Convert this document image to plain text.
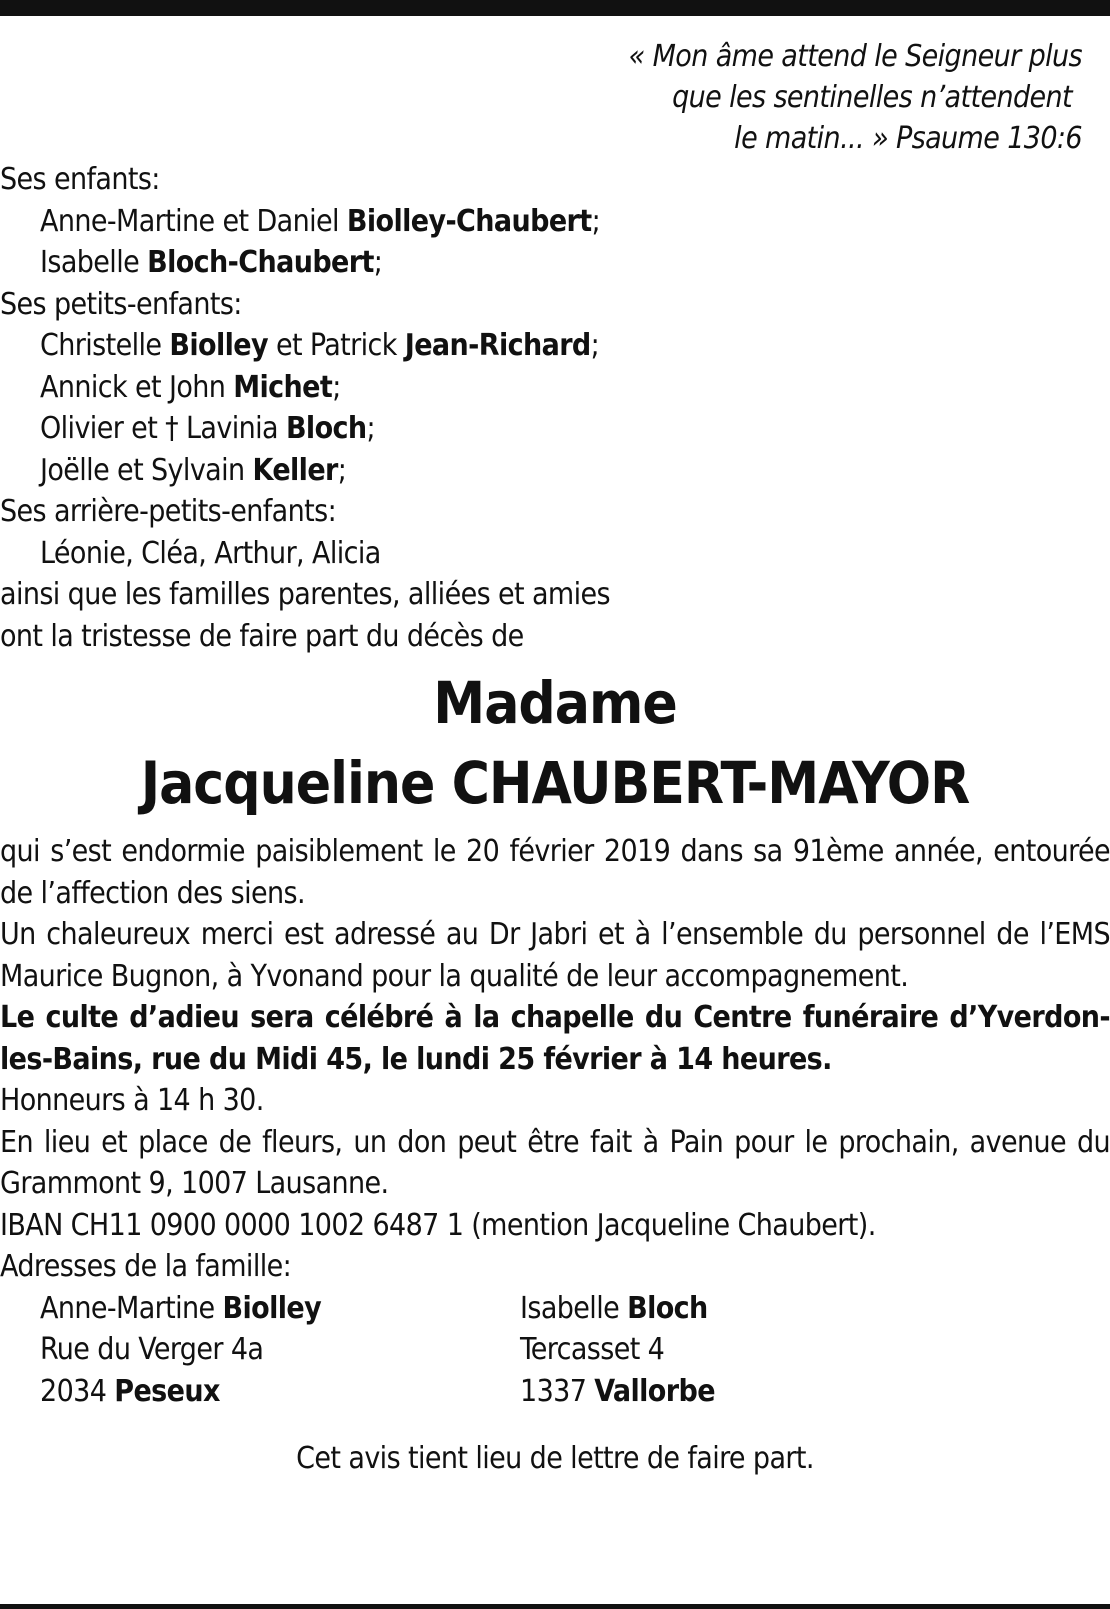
« Mon âme attend le Seigneur plus
que les sentinelles n’attendent
le matin... » Psaume 130:6
Ses enfants:
Anne-Martine et Daniel Biolley-Chaubert;
Isabelle Bloch-Chaubert;
Ses petits-enfants:
Christelle Biolley et Patrick Jean-Richard;
Annick et John Michet;
Olivier et † Lavinia Bloch;
Joëlle et Sylvain Keller;
Ses arrière-petits-enfants:
Léonie, Cléa, Arthur, Alicia
ainsi que les familles parentes, alliées et amies
ont la tristesse de faire part du décès de
Madame
Jacqueline CHAUBERT-MAYOR
qui s’est endormie paisiblement le 20 février 2019 dans sa 91ème année, entourée de l’affection des siens.
Un chaleureux merci est adressé au Dr Jabri et à l’ensemble du personnel de l’EMS Maurice Bugnon, à Yvonand pour la qualité de leur accompagnement.
Le culte d’adieu sera célébré à la chapelle du Centre funéraire d’Yverdon-les-Bains, rue du Midi 45, le lundi 25 février à 14 heures.
Honneurs à 14 h 30.
En lieu et place de fleurs, un don peut être fait à Pain pour le prochain, avenue du Grammont 9, 1007 Lausanne.
IBAN CH11 0900 0000 1002 6487 1 (mention Jacqueline Chaubert).
Adresses de la famille:
Anne-Martine Biolley
Rue du Verger 4a
2034 Peseux
Isabelle Bloch
Tercasset 4
1337 Vallorbe
Cet avis tient lieu de lettre de faire part.
